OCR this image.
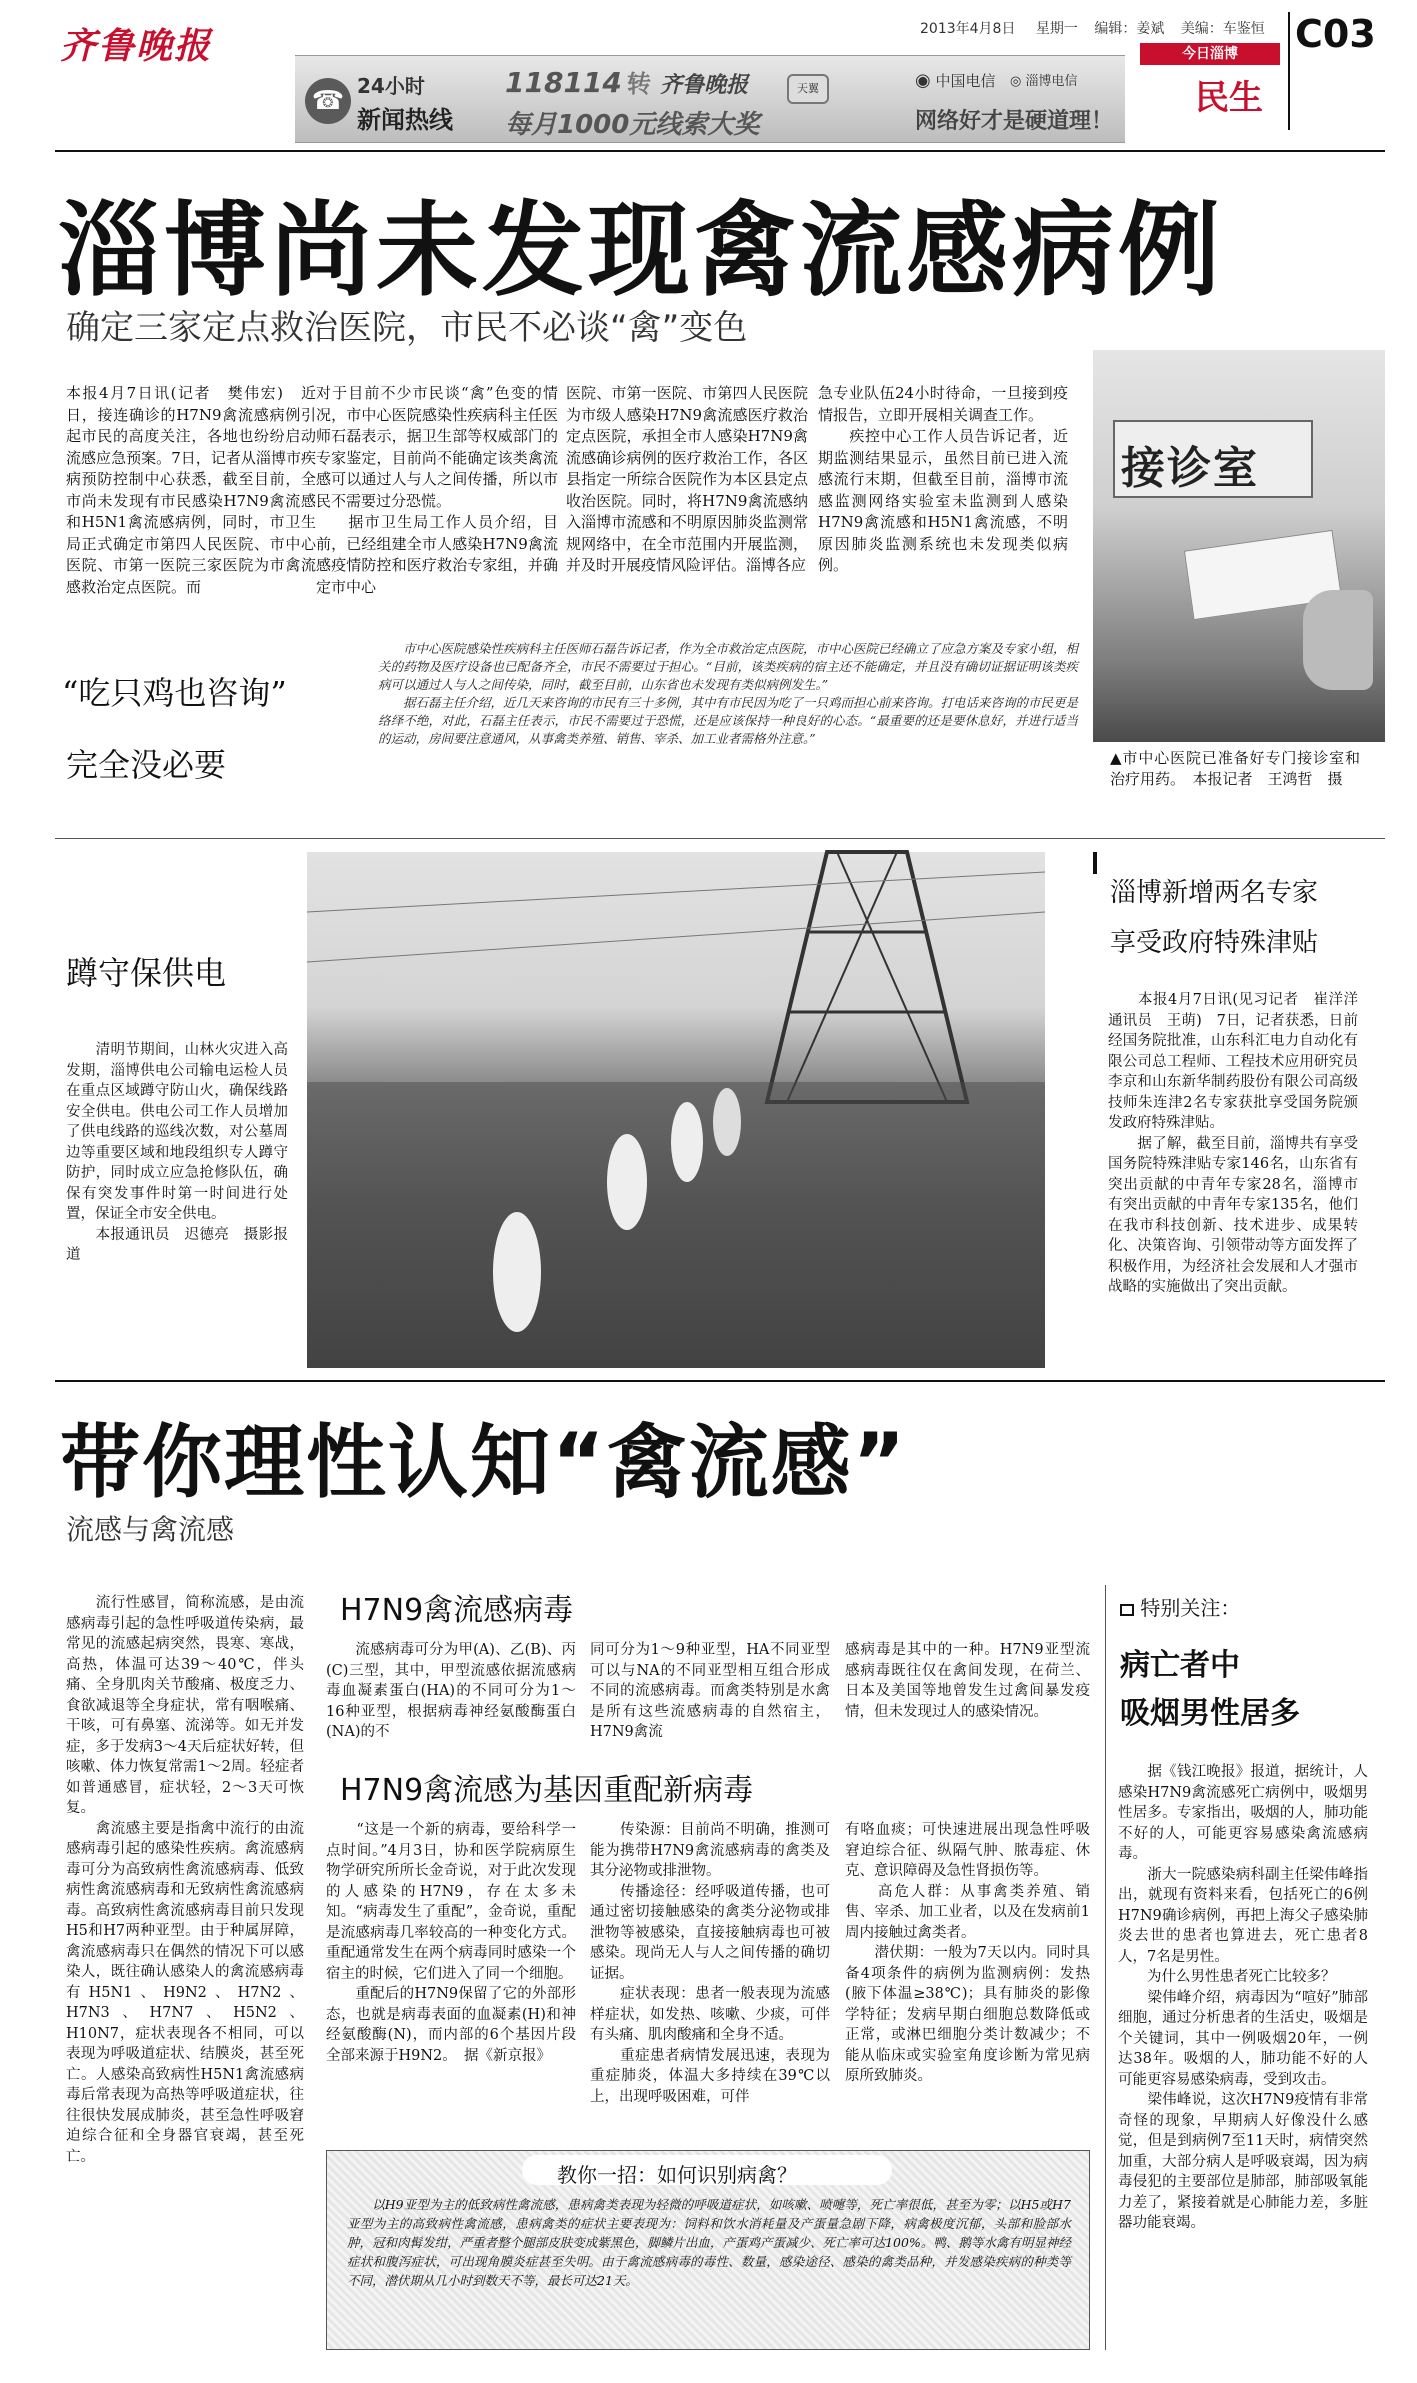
齐鲁晚报	2013年4月8日 星期一 编辑：姜斌 美编：车鉴恒 C03
今日淄博
民生
☎ 24小时
新闻热线
118114 转 齐鲁晚报
每月1000元线索大奖
天翼	◉ 中国电信 ◎ 淄博电信
网络好才是硬道理！
淄博尚未发现禽流感病例
确定三家定点救治医院，市民不必谈“禽”变色
本报4月7日讯(记者　樊伟宏)　近日，接连确诊的H7N9禽流感病例引起市民的高度关注，各地也纷纷启动流感应急预案。7日，记者从淄博市疾病预防控制中心获悉，截至目前，全市尚未发现有市民感染H7N9禽流感和H5N1禽流感病例，同时，市卫生局正式确定市第四人民医院、市中心医院、市第一医院三家医院为市禽流感救治定点医院。而
对于目前不少市民谈“禽”色变的情况，市中心医院感染性疾病科主任医师石磊表示，据卫生部等权威部门的专家鉴定，目前尚不能确定该类禽流感可以通过人与人之间传播，所以市民不需要过分恐慌。
　　据市卫生局工作人员介绍，目前，已经组建全市人感染H7N9禽流感疫情防控和医疗救治专家组，并确定市中心
医院、市第一医院、市第四人民医院为市级人感染H7N9禽流感医疗救治定点医院，承担全市人感染H7N9禽流感确诊病例的医疗救治工作，各区县指定一所综合医院作为本区县定点收治医院。同时，将H7N9禽流感纳入淄博市流感和不明原因肺炎监测常规网络中，在全市范围内开展监测，并及时开展疫情风险评估。淄博各应
急专业队伍24小时待命，一旦接到疫情报告，立即开展相关调查工作。
　　疾控中心工作人员告诉记者，近期监测结果显示，虽然目前已进入流感流行末期，但截至目前，淄博市流感监测网络实验室未监测到人感染H7N9禽流感和H5N1禽流感，不明原因肺炎监测系统也未发现类似病例。
接诊室
▲市中心医院已准备好专门接诊室和治疗用药。　本报记者　王鸿哲　摄
“吃只鸡也咨询”
完全没必要
　　市中心医院感染性疾病科主任医师石磊告诉记者，作为全市救治定点医院，市中心医院已经确立了应急方案及专家小组，相关的药物及医疗设备也已配备齐全，市民不需要过于担心。“目前，该类疾病的宿主还不能确定，并且没有确切证据证明该类疾病可以通过人与人之间传染，同时，截至目前，山东省也未发现有类似病例发生。”
　　据石磊主任介绍，近几天来咨询的市民有三十多例，其中有市民因为吃了一只鸡而担心前来咨询。打电话来咨询的市民更是络绎不绝，对此，石磊主任表示，市民不需要过于恐慌，还是应该保持一种良好的心态。“最重要的还是要休息好，并进行适当的运动，房间要注意通风，从事禽类养殖、销售、宰杀、加工业者需格外注意。”
蹲守保供电
　　清明节期间，山林火灾进入高发期，淄博供电公司输电运检人员在重点区域蹲守防山火，确保线路安全供电。供电公司工作人员增加了供电线路的巡线次数，对公墓周边等重要区域和地段组织专人蹲守防护，同时成立应急抢修队伍，确保有突发事件时第一时间进行处置，保证全市安全供电。
　　本报通讯员　迟德亮　摄影报道
淄博新增两名专家
享受政府特殊津贴
　　本报4月7日讯(见习记者　崔洋洋　通讯员　王萌)　7日，记者获悉，日前经国务院批准，山东科汇电力自动化有限公司总工程师、工程技术应用研究员李京和山东新华制药股份有限公司高级技师朱连津2名专家获批享受国务院颁发政府特殊津贴。
　　据了解，截至目前，淄博共有享受国务院特殊津贴专家146名，山东省有突出贡献的中青年专家28名，淄博市有突出贡献的中青年专家135名，他们在我市科技创新、技术进步、成果转化、决策咨询、引领带动等方面发挥了积极作用，为经济社会发展和人才强市战略的实施做出了突出贡献。
带你理性认知“禽流感”
流感与禽流感
　　流行性感冒，简称流感，是由流感病毒引起的急性呼吸道传染病，最常见的流感起病突然，畏寒、寒战，高热，体温可达39～40℃，伴头痛、全身肌肉关节酸痛、极度乏力、食欲减退等全身症状，常有咽喉痛、干咳，可有鼻塞、流涕等。如无并发症，多于发病3～4天后症状好转，但咳嗽、体力恢复常需1～2周。轻症者如普通感冒，症状轻，2～3天可恢复。
　　禽流感主要是指禽中流行的由流感病毒引起的感染性疾病。禽流感病毒可分为高致病性禽流感病毒、低致病性禽流感病毒和无致病性禽流感病毒。高致病性禽流感病毒目前只发现H5和H7两种亚型。由于种属屏障，禽流感病毒只在偶然的情况下可以感染人，既往确认感染人的禽流感病毒有H5N1、H9N2、H7N2、H7N3、H7N7、H5N2、H10N7，症状表现各不相同，可以表现为呼吸道症状、结膜炎，甚至死亡。人感染高致病性H5N1禽流感病毒后常表现为高热等呼吸道症状，往往很快发展成肺炎，甚至急性呼吸窘迫综合征和全身器官衰竭，甚至死亡。
H7N9禽流感病毒
　　流感病毒可分为甲(A)、乙(B)、丙(C)三型，其中，甲型流感依据流感病毒血凝素蛋白(HA)的不同可分为1～16种亚型，根据病毒神经氨酸酶蛋白(NA)的不
同可分为1～9种亚型，HA不同亚型可以与NA的不同亚型相互组合形成不同的流感病毒。而禽类特别是水禽是所有这些流感病毒的自然宿主，H7N9禽流
感病毒是其中的一种。H7N9亚型流感病毒既往仅在禽间发现，在荷兰、日本及美国等地曾发生过禽间暴发疫情，但未发现过人的感染情况。
H7N9禽流感为基因重配新病毒
　　“这是一个新的病毒，要给科学一点时间。”4月3日，协和医学院病原生物学研究所所长金奇说，对于此次发现的人感染的H7N9，存在太多未知。“病毒发生了重配”，金奇说，重配是流感病毒几率较高的一种变化方式。重配通常发生在两个病毒同时感染一个宿主的时候，它们进入了同一个细胞。
　　重配后的H7N9保留了它的外部形态，也就是病毒表面的血凝素(H)和神经氨酸酶(N)，而内部的6个基因片段全部来源于H9N2。　据《新京报》
　　传染源：目前尚不明确，推测可能为携带H7N9禽流感病毒的禽类及其分泌物或排泄物。
　　传播途径：经呼吸道传播，也可通过密切接触感染的禽类分泌物或排泄物等被感染，直接接触病毒也可被感染。现尚无人与人之间传播的确切证据。
　　症状表现：患者一般表现为流感样症状，如发热、咳嗽、少痰，可伴有头痛、肌肉酸痛和全身不适。
　　重症患者病情发展迅速，表现为重症肺炎，体温大多持续在39℃以上，出现呼吸困难，可伴
有咯血痰；可快速进展出现急性呼吸窘迫综合征、纵隔气肿、脓毒症、休克、意识障碍及急性肾损伤等。
　　高危人群：从事禽类养殖、销售、宰杀、加工业者，以及在发病前1周内接触过禽类者。
　　潜伏期：一般为7天以内。同时具备4项条件的病例为监测病例：发热(腋下体温≥38℃)；具有肺炎的影像学特征；发病早期白细胞总数降低或正常，或淋巴细胞分类计数减少；不能从临床或实验室角度诊断为常见病原所致肺炎。
教你一招：如何识别病禽？
　　以H9亚型为主的低致病性禽流感，患病禽类表现为轻微的呼吸道症状，如咳嗽、喷嚏等，死亡率很低，甚至为零；以H5或H7亚型为主的高致病性禽流感，患病禽类的症状主要表现为：饲料和饮水消耗量及产蛋量急剧下降，病禽极度沉郁，头部和脸部水肿，冠和肉髯发绀，严重者整个腿部皮肤变成紫黑色，脚鳞片出血，产蛋鸡产蛋减少、死亡率可达100%。鸭、鹅等水禽有明显神经症状和腹泻症状，可出现角膜炎症甚至失明。由于禽流感病毒的毒性、数量，感染途径、感染的禽类品种，并发感染疾病的种类等不同，潜伏期从几小时到数天不等，最长可达21天。
特别关注：
病亡者中
吸烟男性居多
　　据《钱江晚报》报道，据统计，人感染H7N9禽流感死亡病例中，吸烟男性居多。专家指出，吸烟的人，肺功能不好的人，可能更容易感染禽流感病毒。
　　浙大一院感染病科副主任梁伟峰指出，就现有资料来看，包括死亡的6例H7N9确诊病例，再把上海父子感染肺炎去世的患者也算进去，死亡患者8人，7名是男性。
　　为什么男性患者死亡比较多？
　　梁伟峰介绍，病毒因为“喧好”肺部细胞，通过分析患者的生活史，吸烟是个关键词，其中一例吸烟20年，一例达38年。吸烟的人，肺功能不好的人可能更容易感染病毒，受到攻击。
　　梁伟峰说，这次H7N9疫情有非常奇怪的现象，早期病人好像没什么感觉，但是到病例7至11天时，病情突然加重，大部分病人是呼吸衰竭，因为病毒侵犯的主要部位是肺部，肺部吸氧能力差了，紧接着就是心肺能力差，多脏器功能衰竭。
